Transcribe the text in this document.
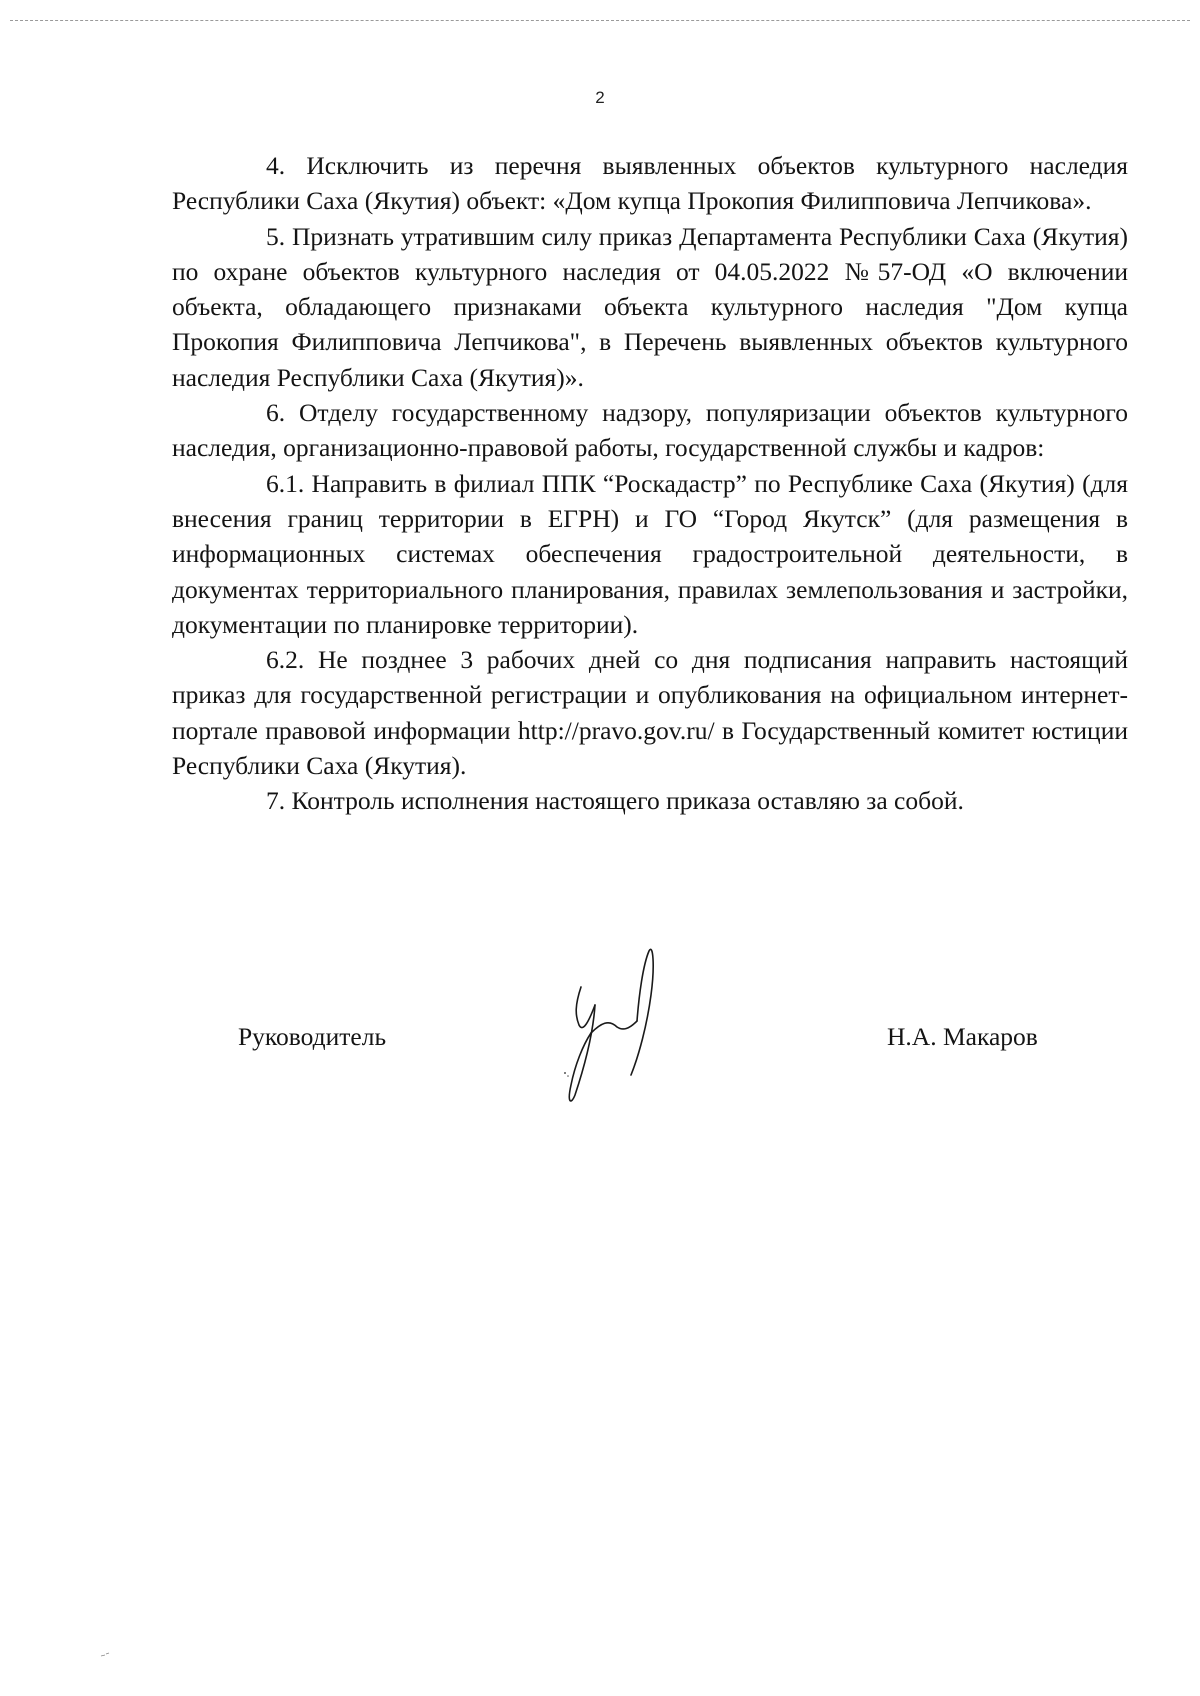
2

4. Исключить из перечня выявленных объектов культурного наследия Республики Саха (Якутия) объект: «Дом купца Прокопия Филипповича Лепчикова».

5. Признать утратившим силу приказ Департамента Республики Саха (Якутия) по охране объектов культурного наследия от 04.05.2022 №57-ОД «О включении объекта, обладающего признаками объекта культурного наследия "Дом купца Прокопия Филипповича Лепчикова", в Перечень выявленных объектов культурного наследия Республики Саха (Якутия)».

6. Отделу государственному надзору, популяризации объектов культурного наследия, организационно-правовой работы, государственной службы и кадров:

6.1. Направить в филиал ППК “Роскадастр” по Республике Саха (Якутия) (для внесения границ территории в ЕГРН) и ГО “Город Якутск” (для размещения в информационных системах обеспечения градостроительной деятельности, в документах территориального планирования, правилах землепользования и застройки, документации по планировке территории).

6.2. Не позднее 3 рабочих дней со дня подписания направить настоящий приказ для государственной регистрации и опубликования на официальном интернет-портале правовой информации http://pravo.gov.ru/ в Государственный комитет юстиции Республики Саха (Якутия).

7. Контроль исполнения настоящего приказа оставляю за собой.

Руководитель	Н.А. Макаров
